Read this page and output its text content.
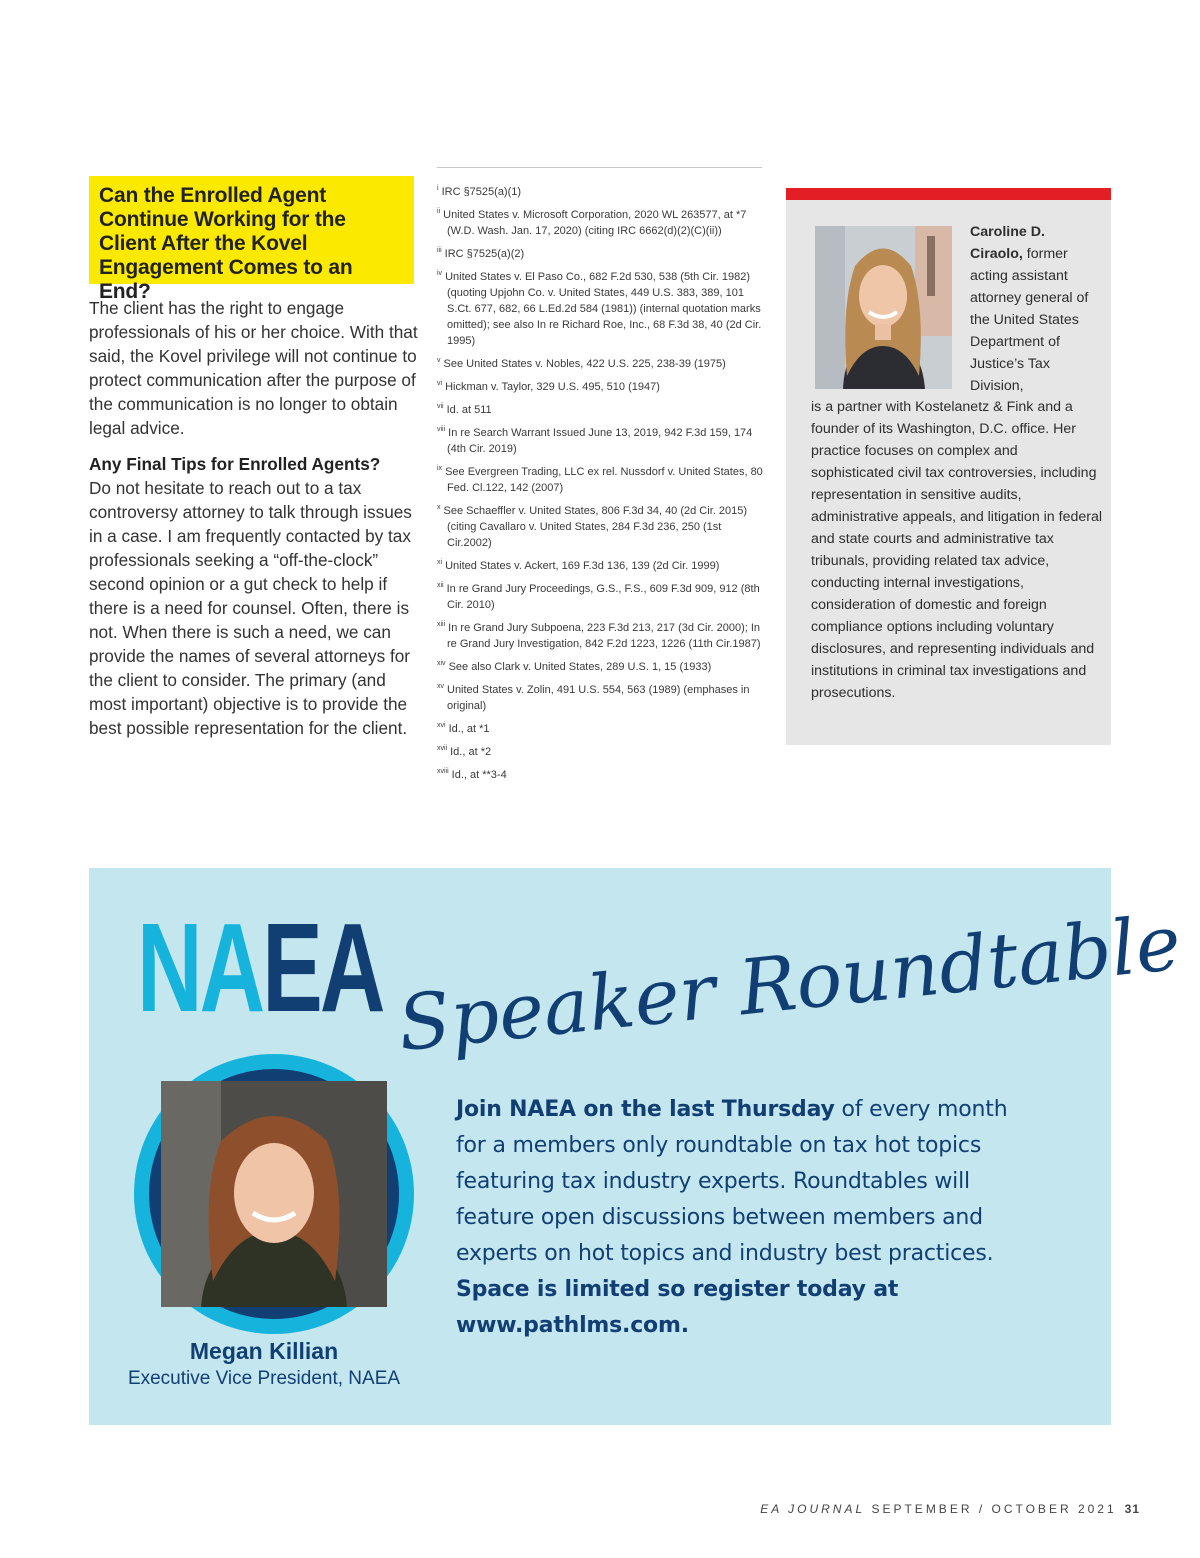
Can the Enrolled Agent Continue Working for the Client After the Kovel Engagement Comes to an End?

The client has the right to engage professionals of his or her choice. With that said, the Kovel privilege will not continue to protect communication after the purpose of the communication is no longer to obtain legal advice.

Any Final Tips for Enrolled Agents?

Do not hesitate to reach out to a tax controversy attorney to talk through issues in a case. I am frequently contacted by tax professionals seeking a “off-the-clock” second opinion or a gut check to help if there is a need for counsel. Often, there is not. When there is such a need, we can provide the names of several attorneys for the client to consider. The primary (and most important) objective is to provide the best possible representation for the client.

$^i$ IRC §7525(a)(1)

$^{ii}$ United States v. Microsoft Corporation, 2020 WL 263577, at *7 (W.D. Wash. Jan. 17, 2020) (citing IRC 6662(d)(2)(C)(ii))

$^{iii}$ IRC §7525(a)(2)

$^{iv}$ United States v. El Paso Co., 682 F.2d 530, 538 (5th Cir. 1982) (quoting Upjohn Co. v. United States, 449 U.S. 383, 389, 101 S.Ct. 677, 682, 66 L.Ed.2d 584 (1981)) (internal quotation marks omitted); see also In re Richard Roe, Inc., 68 F.3d 38, 40 (2d Cir. 1995)

$^v$ See United States v. Nobles, 422 U.S. 225, 238-39 (1975)

$^{vi}$ Hickman v. Taylor, 329 U.S. 495, 510 (1947)

$^{vii}$ Id. at 511

$^{viii}$ In re Search Warrant Issued June 13, 2019, 942 F.3d 159, 174 (4th Cir. 2019)

$^{ix}$ See Evergreen Trading, LLC ex rel. Nussdorf v. United States, 80 Fed. Cl.122, 142 (2007)

$^x$ See Schaeffler v. United States, 806 F.3d 34, 40 (2d Cir. 2015) (citing Cavallaro v. United States, 284 F.3d 236, 250 (1st Cir.2002)

$^{xi}$ United States v. Ackert, 169 F.3d 136, 139 (2d Cir. 1999)

$^{xii}$ In re Grand Jury Proceedings, G.S., F.S., 609 F.3d 909, 912 (8th Cir. 2010)

$^{xiii}$ In re Grand Jury Subpoena, 223 F.3d 213, 217 (3d Cir. 2000); In re Grand Jury Investigation, 842 F.2d 1223, 1226 (11th Cir.1987)

$^{xiv}$ See also Clark v. United States, 289 U.S. 1, 15 (1933)

$^{xv}$ United States v. Zolin, 491 U.S. 554, 563 (1989) (emphases in original)

$^{xvi}$ Id., at *1

$^{xvii}$ Id., at *2

$^{xviii}$ Id., at **3-4

Caroline D. Ciraolo, former acting assistant attorney general of the United States Department of Justice’s Tax Division,
is a partner with Kostelanetz & Fink and a founder of its Washington, D.C. office. Her practice focuses on complex and sophisticated civil tax controversies, including representation in sensitive audits, administrative appeals, and litigation in federal and state courts and administrative tax tribunals, providing related tax advice, conducting internal investigations, consideration of domestic and foreign compliance options including voluntary disclosures, and representing individuals and institutions in criminal tax investigations and prosecutions.
NAEA Speaker Roundtable
Megan Killian
Executive Vice President, NAEA
Join NAEA on the last Thursday of every month for a members only roundtable on tax hot topics featuring tax industry experts. Roundtables will feature open discussions between members and experts on hot topics and industry best practices. Space is limited so register today at www.pathlms.com.
EA JOURNAL SEPTEMBER / OCTOBER 2021 31
